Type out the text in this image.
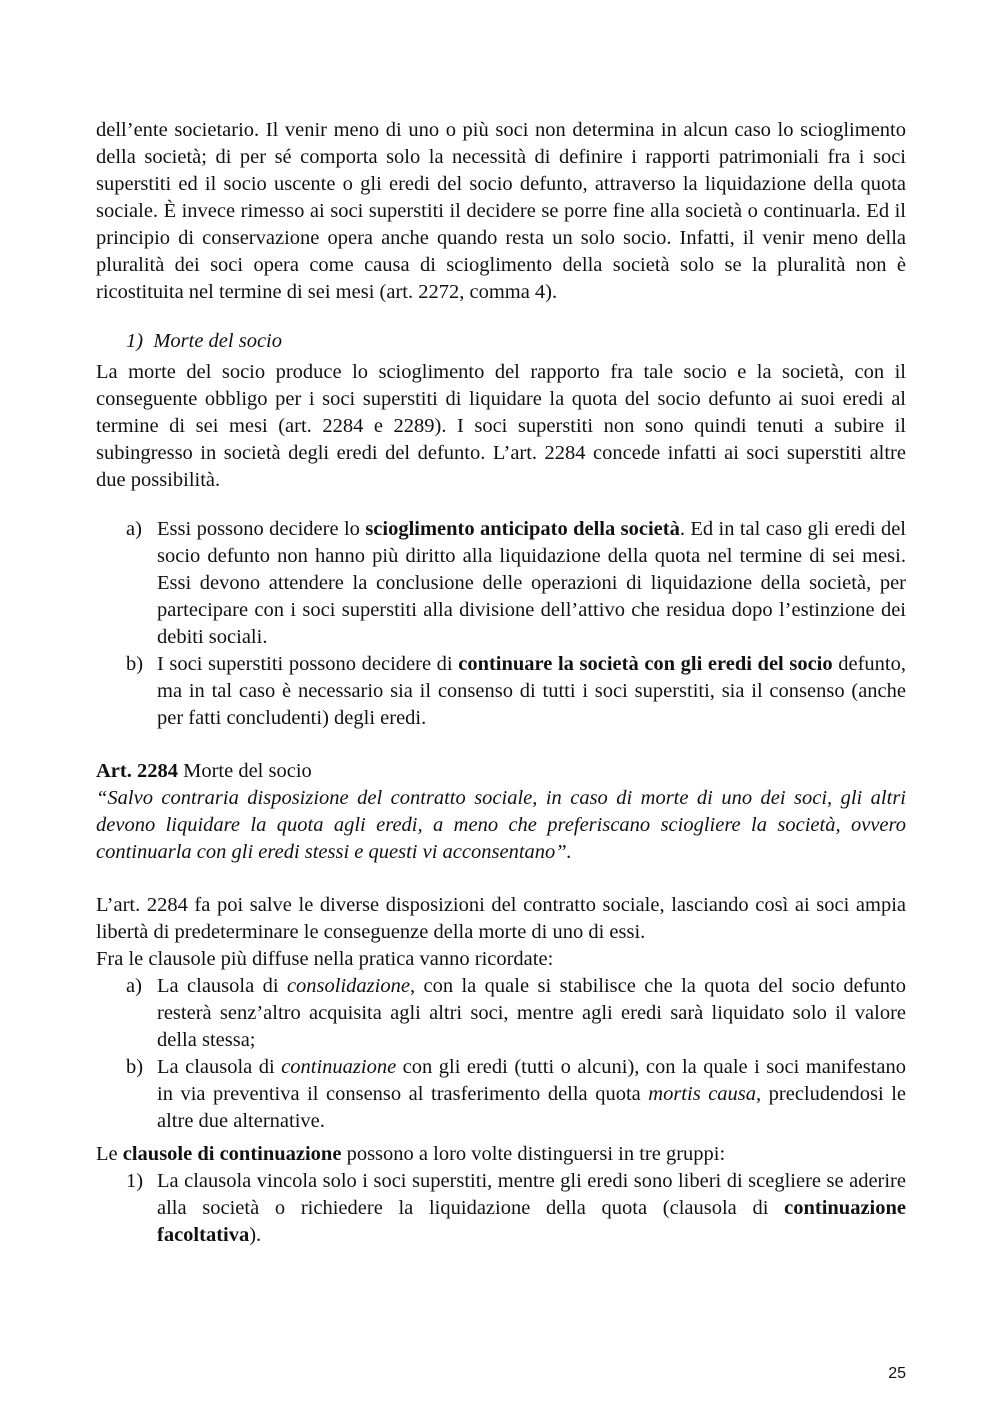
dell’ente societario. Il venir meno di uno o più soci non determina in alcun caso lo scioglimento della società; di per sé comporta solo la necessità di definire i rapporti patrimoniali fra i soci superstiti ed il socio uscente o gli eredi del socio defunto, attraverso la liquidazione della quota sociale. È invece rimesso ai soci superstiti il decidere se porre fine alla società o continuarla. Ed il principio di conservazione opera anche quando resta un solo socio. Infatti, il venir meno della pluralità dei soci opera come causa di scioglimento della società solo se la pluralità non è ricostituita nel termine di sei mesi (art. 2272, comma 4).

1) Morte del socio

La morte del socio produce lo scioglimento del rapporto fra tale socio e la società, con il conseguente obbligo per i soci superstiti di liquidare la quota del socio defunto ai suoi eredi al termine di sei mesi (art. 2284 e 2289). I soci superstiti non sono quindi tenuti a subire il subingresso in società degli eredi del defunto. L’art. 2284 concede infatti ai soci superstiti altre due possibilità.

a) Essi possono decidere lo scioglimento anticipato della società. Ed in tal caso gli eredi del socio defunto non hanno più diritto alla liquidazione della quota nel termine di sei mesi. Essi devono attendere la conclusione delle operazioni di liquidazione della società, per partecipare con i soci superstiti alla divisione dell’attivo che residua dopo l’estinzione dei debiti sociali.
b) I soci superstiti possono decidere di continuare la società con gli eredi del socio defunto, ma in tal caso è necessario sia il consenso di tutti i soci superstiti, sia il consenso (anche per fatti concludenti) degli eredi.

Art. 2284 Morte del socio

“Salvo contraria disposizione del contratto sociale, in caso di morte di uno dei soci, gli altri devono liquidare la quota agli eredi, a meno che preferiscano sciogliere la società, ovvero continuarla con gli eredi stessi e questi vi acconsentano”.

L’art. 2284 fa poi salve le diverse disposizioni del contratto sociale, lasciando così ai soci ampia libertà di predeterminare le conseguenze della morte di uno di essi.

Fra le clausole più diffuse nella pratica vanno ricordate:

a) La clausola di consolidazione, con la quale si stabilisce che la quota del socio defunto resterà senz’altro acquisita agli altri soci, mentre agli eredi sarà liquidato solo il valore della stessa;
b) La clausola di continuazione con gli eredi (tutti o alcuni), con la quale i soci manifestano in via preventiva il consenso al trasferimento della quota mortis causa, precludendosi le altre due alternative.

Le clausole di continuazione possono a loro volte distinguersi in tre gruppi:

1) La clausola vincola solo i soci superstiti, mentre gli eredi sono liberi di scegliere se aderire alla società o richiedere la liquidazione della quota (clausola di continuazione facoltativa).
25
